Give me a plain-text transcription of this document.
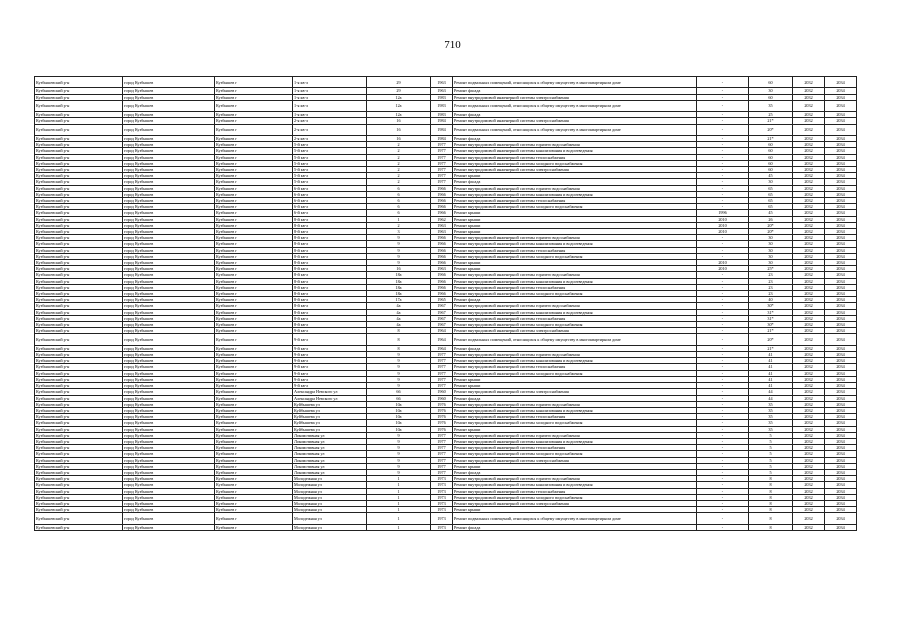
710
Кузбышевский р-н	город Кузбышев	Кузбышев г	1-я кв-л	29	1963	Ремонт подвальных помещений, относящихся к общему имуществу в многоквартирном доме	-	60	2032	2034
Кузбышевский р-н	город Кузбышев	Кузбышев г	1-я кв-л	29	1963	Ремонт фасада	-	30	2032	2034
Кузбышевский р-н	город Кузбышев	Кузбышев г	1-я кв-л	12а	1983	Ремонт внутридомовой инженерной системы электроснабжения	-	60	2032	2034
Кузбышевский р-н	город Кузбышев	Кузбышев г	1-я кв-л	12а	1983	Ремонт подвальных помещений, относящихся к общему имуществу в многоквартирном доме	-	35	2032	2034
Кузбышевский р-н	город Кузбышев	Кузбышев г	1-я кв-л	12а	1983	Ремонт фасада	-	25	2032	2034
Кузбышевский р-н	город Кузбышев	Кузбышев г	2-я кв-л	16	1984	Ремонт внутридомовой инженерной системы электроснабжения	-	21*	2032	2034
Кузбышевский р-н	город Кузбышев	Кузбышев г	2-я кв-л	16	1984	Ремонт подвальных помещений, относящихся к общему имуществу в многоквартирном доме	-	20*	2032	2034
Кузбышевский р-н	город Кузбышев	Кузбышев г	2-я кв-л	16	1984	Ремонт фасада	-	21*	2032	2034
Кузбышевский р-н	город Кузбышев	Кузбышев г	5-й кв-л	2	1977	Ремонт внутридомовой инженерной системы горячего водоснабжения	-	60	2032	2034
Кузбышевский р-н	город Кузбышев	Кузбышев г	5-й кв-л	2	1977	Ремонт внутридомовой инженерной системы канализования и водоотведения	-	60	2032	2034
Кузбышевский р-н	город Кузбышев	Кузбышев г	5-й кв-л	2	1977	Ремонт внутридомовой инженерной системы теплоснабжения	-	60	2032	2034
Кузбышевский р-н	город Кузбышев	Кузбышев г	5-й кв-л	2	1977	Ремонт внутридомовой инженерной системы холодного водоснабжения	-	60	2032	2034
Кузбышевский р-н	город Кузбышев	Кузбышев г	5-й кв-л	2	1977	Ремонт внутридомовой инженерной системы электроснабжения	-	60	2032	2034
Кузбышевский р-н	город Кузбышев	Кузбышев г	5-й кв-л	2	1977	Ремонт крыши	-	45	2032	2034
Кузбышевский р-н	город Кузбышев	Кузбышев г	5-й кв-л	2	1977	Ремонт фасада	-	30	2032	2034
Кузбышевский р-н	город Кузбышев	Кузбышев г	6-й кв-л	6	1966	Ремонт внутридомовой инженерной системы горячего водоснабжения	-	65	2032	2034
Кузбышевский р-н	город Кузбышев	Кузбышев г	6-й кв-л	6	1966	Ремонт внутридомовой инженерной системы канализования и водоотведения	-	65	2032	2034
Кузбышевский р-н	город Кузбышев	Кузбышев г	6-й кв-л	6	1966	Ремонт внутридомовой инженерной системы теплоснабжения	-	65	2032	2034
Кузбышевский р-н	город Кузбышев	Кузбышев г	6-й кв-л	6	1966	Ремонт внутридомовой инженерной системы холодного водоснабжения	-	65	2032	2034
Кузбышевский р-н	город Кузбышев	Кузбышев г	6-й кв-л	6	1966	Ремонт крыши	1996	45	2032	2034
Кузбышевский р-н	город Кузбышев	Кузбышев г	8-й кв-л	1	1962	Ремонт крыши	2010	26	2032	2034
Кузбышевский р-н	город Кузбышев	Кузбышев г	8-й кв-л	2	1963	Ремонт крыши	2010	20*	2032	2034
Кузбышевский р-н	город Кузбышев	Кузбышев г	8-й кв-л	3	1963	Ремонт крыши	2010	20*	2032	2034
Кузбышевский р-н	город Кузбышев	Кузбышев г	8-й кв-л	9	1966	Ремонт внутридомовой инженерной системы горячего водоснабжения	-	30	2032	2034
Кузбышевский р-н	город Кузбышев	Кузбышев г	8-й кв-л	9	1966	Ремонт внутридомовой инженерной системы канализования и водоотведения	-	30	2032	2034
Кузбышевский р-н	город Кузбышев	Кузбышев г	8-й кв-л	9	1966	Ремонт внутридомовой инженерной системы теплоснабжения	-	30	2032	2034
Кузбышевский р-н	город Кузбышев	Кузбышев г	8-й кв-л	9	1966	Ремонт внутридомовой инженерной системы холодного водоснабжения	-	30	2032	2034
Кузбышевский р-н	город Кузбышев	Кузбышев г	8-й кв-л	9	1966	Ремонт крыши	2010	30	2032	2034
Кузбышевский р-н	город Кузбышев	Кузбышев г	8-й кв-л	16	1963	Ремонт крыши	2010	25*	2032	2034
Кузбышевский р-н	город Кузбышев	Кузбышев г	8-й кв-л	18а	1966	Ремонт внутридомовой инженерной системы горячего водоснабжения	-	23	2032	2034
Кузбышевский р-н	город Кузбышев	Кузбышев г	8-й кв-л	18а	1966	Ремонт внутридомовой инженерной системы канализования и водоотведения	-	23	2032	2034
Кузбышевский р-н	город Кузбышев	Кузбышев г	8-й кв-л	18а	1966	Ремонт внутридомовой инженерной системы теплоснабжения	-	23	2032	2034
Кузбышевский р-н	город Кузбышев	Кузбышев г	8-й кв-л	18а	1966	Ремонт внутридомовой инженерной системы холодного водоснабжения	-	23	2032	2034
Кузбышевский р-н	город Кузбышев	Кузбышев г	8-й кв-л	17а	1965	Ремонт фасада	-	40	2032	2034
Кузбышевский р-н	город Кузбышев	Кузбышев г	8-й кв-л	4а	1967	Ремонт внутридомовой инженерной системы горячего водоснабжения	-	30*	2032	2034
Кузбышевский р-н	город Кузбышев	Кузбышев г	8-й кв-л	4а	1967	Ремонт внутридомовой инженерной системы канализования и водоотведения	-	31*	2032	2034
Кузбышевский р-н	город Кузбышев	Кузбышев г	8-й кв-л	4а	1967	Ремонт внутридомовой инженерной системы теплоснабжения	-	31*	2032	2034
Кузбышевский р-н	город Кузбышев	Кузбышев г	8-й кв-л	4а	1967	Ремонт внутридомовой инженерной системы холодного водоснабжения	-	30*	2032	2034
Кузбышевский р-н	город Кузбышев	Кузбышев г	9-й кв-л	8	1964	Ремонт внутридомовой инженерной системы электроснабжения	-	21*	2032	2034
Кузбышевский р-н	город Кузбышев	Кузбышев г	9-й кв-л	8	1964	Ремонт подвальных помещений, относящихся к общему имуществу в многоквартирном доме	-	20*	2032	2034
Кузбышевский р-н	город Кузбышев	Кузбышев г	9-й кв-л	8	1964	Ремонт фасада	-	21*	2032	2034
Кузбышевский р-н	город Кузбышев	Кузбышев г	9-й кв-л	9	1977	Ремонт внутридомовой инженерной системы горячего водоснабжения	-	41	2032	2034
Кузбышевский р-н	город Кузбышев	Кузбышев г	9-й кв-л	9	1977	Ремонт внутридомовой инженерной системы канализования и водоотведения	-	41	2032	2034
Кузбышевский р-н	город Кузбышев	Кузбышев г	9-й кв-л	9	1977	Ремонт внутридомовой инженерной системы теплоснабжения	-	41	2032	2034
Кузбышевский р-н	город Кузбышев	Кузбышев г	9-й кв-л	9	1977	Ремонт внутридомовой инженерной системы холодного водоснабжения	-	41	2032	2034
Кузбышевский р-н	город Кузбышев	Кузбышев г	9-й кв-л	9	1977	Ремонт крыши	-	41	2032	2034
Кузбышевский р-н	город Кузбышев	Кузбышев г	9-й кв-л	9	1977	Ремонт крыши	-	41	2032	2034
Кузбышевский р-н	город Кузбышев	Кузбышев г	Александра Невского ул	66	1960	Ремонт внутридомовой инженерной системы электроснабжения	-	44	2032	2034
Кузбышевский р-н	город Кузбышев	Кузбышев г	Александра Невского ул	66	1960	Ремонт фасада	-	44	2032	2034
Кузбышевский р-н	город Кузбышев	Кузбышев г	Куйбышева ул	10а	1976	Ремонт внутридомовой инженерной системы горячего водоснабжения	-	35	2032	2034
Кузбышевский р-н	город Кузбышев	Кузбышев г	Куйбышева ул	10а	1976	Ремонт внутридомовой инженерной системы канализования и водоотведения	-	35	2032	2034
Кузбышевский р-н	город Кузбышев	Кузбышев г	Куйбышева ул	10а	1976	Ремонт внутридомовой инженерной системы теплоснабжения	-	35	2032	2034
Кузбышевский р-н	город Кузбышев	Кузбышев г	Куйбышева ул	10а	1976	Ремонт внутридомовой инженерной системы холодного водоснабжения	-	35	2032	2034
Кузбышевский р-н	город Кузбышев	Кузбышев г	Куйбышева ул	10а	1976	Ремонт крыши	-	35	2032	2034
Кузбышевский р-н	город Кузбышев	Кузбышев г	Локомотивная ул	9	1977	Ремонт внутридомовой инженерной системы горячего водоснабжения	-	5	2032	2034
Кузбышевский р-н	город Кузбышев	Кузбышев г	Локомотивная ул	9	1977	Ремонт внутридомовой инженерной системы канализования и водоотведения	-	5	2032	2034
Кузбышевский р-н	город Кузбышев	Кузбышев г	Локомотивная ул	9	1977	Ремонт внутридомовой инженерной системы теплоснабжения	-	5	2032	2034
Кузбышевский р-н	город Кузбышев	Кузбышев г	Локомотивная ул	9	1977	Ремонт внутридомовой инженерной системы холодного водоснабжения	-	5	2032	2034
Кузбышевский р-н	город Кузбышев	Кузбышев г	Локомотивная ул	9	1977	Ремонт внутридомовой инженерной системы электроснабжения	-	5	2032	2034
Кузбышевский р-н	город Кузбышев	Кузбышев г	Локомотивная ул	9	1977	Ремонт крыши	-	5	2032	2034
Кузбышевский р-н	город Кузбышев	Кузбышев г	Локомотивная ул	9	1977	Ремонт фасада	-	5	2032	2034
Кузбышевский р-н	город Кузбышев	Кузбышев г	Молодежная ул	1	1973	Ремонт внутридомовой инженерной системы горячего водоснабжения	-	8	2032	2034
Кузбышевский р-н	город Кузбышев	Кузбышев г	Молодежная ул	1	1973	Ремонт внутридомовой инженерной системы канализования и водоотведения	-	8	2032	2034
Кузбышевский р-н	город Кузбышев	Кузбышев г	Молодежная ул	1	1973	Ремонт внутридомовой инженерной системы теплоснабжения	-	8	2032	2034
Кузбышевский р-н	город Кузбышев	Кузбышев г	Молодежная ул	1	1973	Ремонт внутридомовой инженерной системы холодного водоснабжения	-	8	2032	2034
Кузбышевский р-н	город Кузбышев	Кузбышев г	Молодежная ул	1	1973	Ремонт внутридомовой инженерной системы электроснабжения	-	8	2032	2034
Кузбышевский р-н	город Кузбышев	Кузбышев г	Молодежная ул	1	1973	Ремонт крыши	-	8	2032	2034
Кузбышевский р-н	город Кузбышев	Кузбышев г	Молодежная ул	1	1973	Ремонт подвальных помещений, относящихся к общему имуществу в многоквартирном доме	-	8	2032	2034
Кузбышевский р-н	город Кузбышев	Кузбышев г	Молодежная ул	1	1973	Ремонт фасада	-	8	2032	2034
